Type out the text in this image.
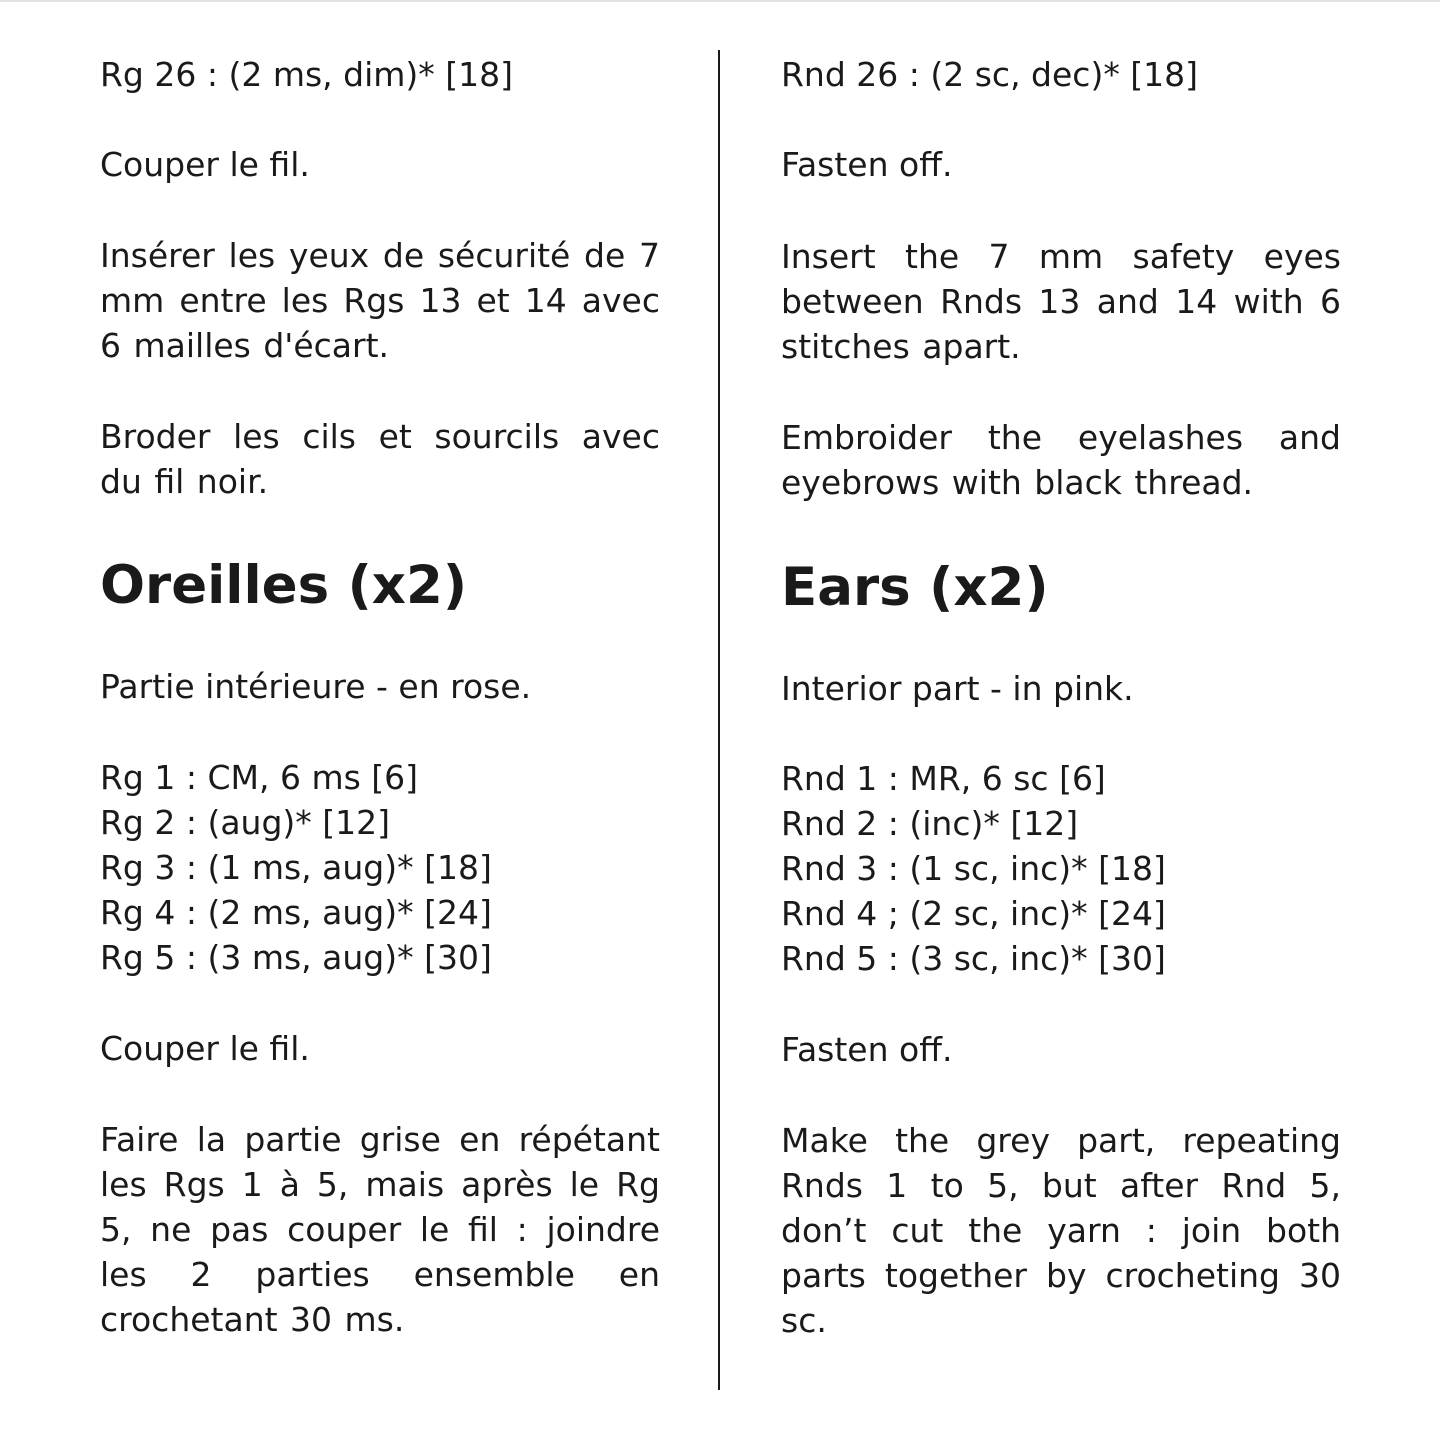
Rg 26 : (2 ms, dim)* [18]

Couper le fil.

Insérer les yeux de sécurité de 7 mm entre les Rgs 13 et 14 avec 6 mailles d'écart.

Broder les cils et sourcils avec du fil noir.

Oreilles (x2)

Partie intérieure - en rose.

Rg 1 : CM, 6 ms [6]
Rg 2 : (aug)* [12]
Rg 3 : (1 ms, aug)* [18]
Rg 4 : (2 ms, aug)* [24]
Rg 5 : (3 ms, aug)* [30]

Couper le fil.

Faire la partie grise en répétant les Rgs 1 à 5, mais après le Rg 5, ne pas couper le fil : joindre les 2 parties ensemble en crochetant 30 ms.

Rnd 26 : (2 sc, dec)* [18]

Fasten off.

Insert the 7 mm safety eyes between Rnds 13 and 14 with 6 stitches apart.

Embroider the eyelashes and eyebrows with black thread.

Ears (x2)

Interior part - in pink.

Rnd 1 : MR, 6 sc [6]
Rnd 2 : (inc)* [12]
Rnd 3 : (1 sc, inc)* [18]
Rnd 4 ; (2 sc, inc)* [24]
Rnd 5 : (3 sc, inc)* [30]

Fasten off.

Make the grey part, repeating Rnds 1 to 5, but after Rnd 5, don’t cut the yarn : join both parts together by crocheting 30 sc.
